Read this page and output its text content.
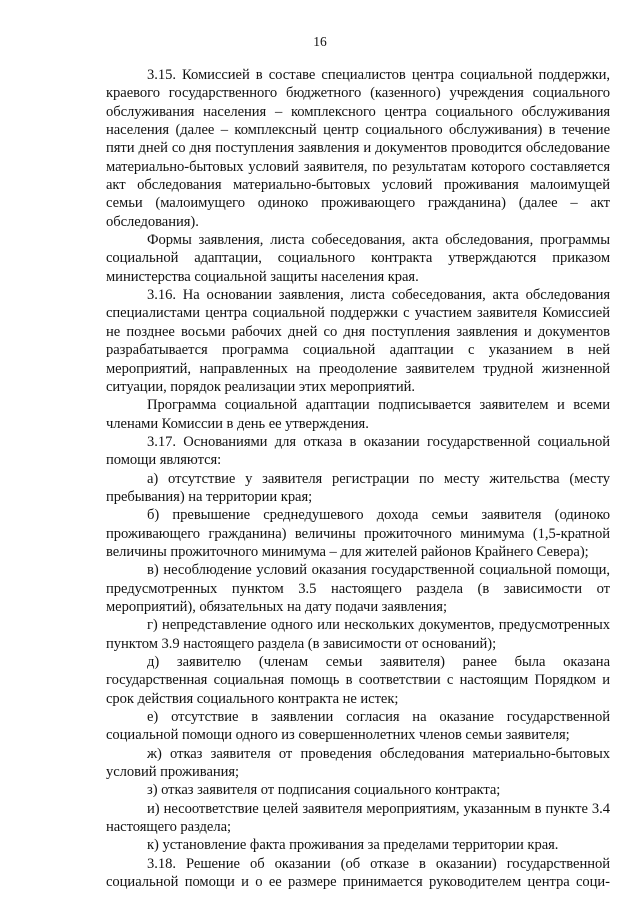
16

3.15. Комиссией в составе специалистов центра социальной поддержки, краевого государственного бюджетного (казенного) учреждения социального обслуживания населения – комплексного центра социального обслуживания населения (далее – комплексный центр социального обслуживания) в течение пяти дней со дня поступления заявления и документов проводится обследование материально-бытовых условий заявителя, по результатам которого составляется акт обследования материально-бытовых условий проживания малоимущей семьи (малоимущего одиноко проживающего гражданина) (далее – акт обследования).

Формы заявления, листа собеседования, акта обследования, программы социальной адаптации, социального контракта утверждаются приказом министерства социальной защиты населения края.

3.16. На основании заявления, листа собеседования, акта обследования специалистами центра социальной поддержки с участием заявителя Комиссией не позднее восьми рабочих дней со дня поступления заявления и документов разрабатывается программа социальной адаптации с указанием в ней мероприятий, направленных на преодоление заявителем трудной жизненной ситуации, порядок реализации этих мероприятий.

Программа социальной адаптации подписывается заявителем и всеми членами Комиссии в день ее утверждения.

3.17. Основаниями для отказа в оказании государственной социальной помощи являются:

а) отсутствие у заявителя регистрации по месту жительства (месту пребывания) на территории края;

б) превышение среднедушевого дохода семьи заявителя (одиноко проживающего гражданина) величины прожиточного минимума (1,5-кратной величины прожиточного минимума – для жителей районов Крайнего Севера);

в) несоблюдение условий оказания государственной социальной помощи, предусмотренных пунктом 3.5 настоящего раздела (в зависимости от мероприятий), обязательных на дату подачи заявления;

г) непредставление одного или нескольких документов, предусмотренных пунктом 3.9 настоящего раздела (в зависимости от оснований);

д) заявителю (членам семьи заявителя) ранее была оказана государственная социальная помощь в соответствии с настоящим Порядком и срок действия социального контракта не истек;

е) отсутствие в заявлении согласия на оказание государственной социальной помощи одного из совершеннолетних членов семьи заявителя;

ж) отказ заявителя от проведения обследования материально-бытовых условий проживания;

з) отказ заявителя от подписания социального контракта;

и) несоответствие целей заявителя мероприятиям, указанным в пункте 3.4 настоящего раздела;

к) установление факта проживания за пределами территории края.

3.18. Решение об оказании (об отказе в оказании) государственной социальной помощи и о ее размере принимается руководителем центра соци-
